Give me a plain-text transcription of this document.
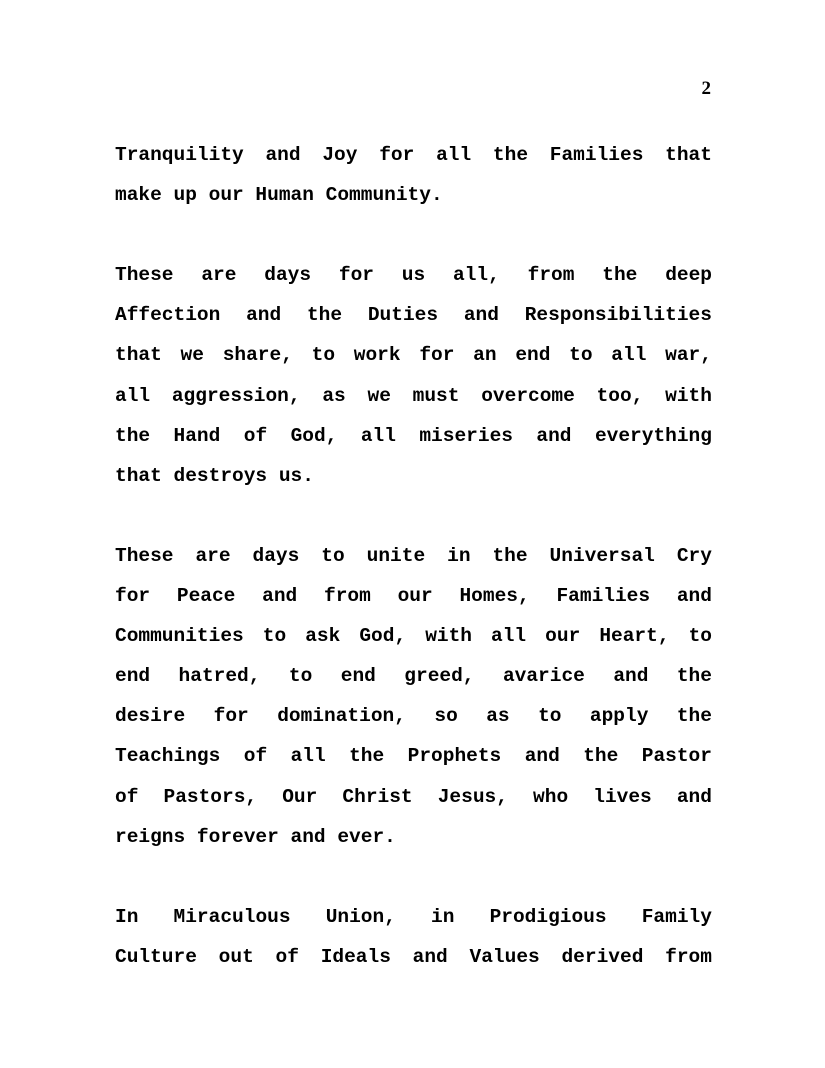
2
Tranquility and Joy for all the Families that
make up our Human Community.
These are days for us all, from the deep
Affection and the Duties and Responsibilities
that we share, to work for an end to all war,
all aggression, as we must overcome too, with
the Hand of God, all miseries and everything
that destroys us.
These are days to unite in the Universal Cry
for Peace and from our Homes, Families and
Communities to ask God, with all our Heart, to
end hatred, to end greed, avarice and the
desire for domination, so as to apply the
Teachings of all the Prophets and the Pastor
of Pastors, Our Christ Jesus, who lives and
reigns forever and ever.
In Miraculous Union, in Prodigious Family
Culture out of Ideals and Values derived from
